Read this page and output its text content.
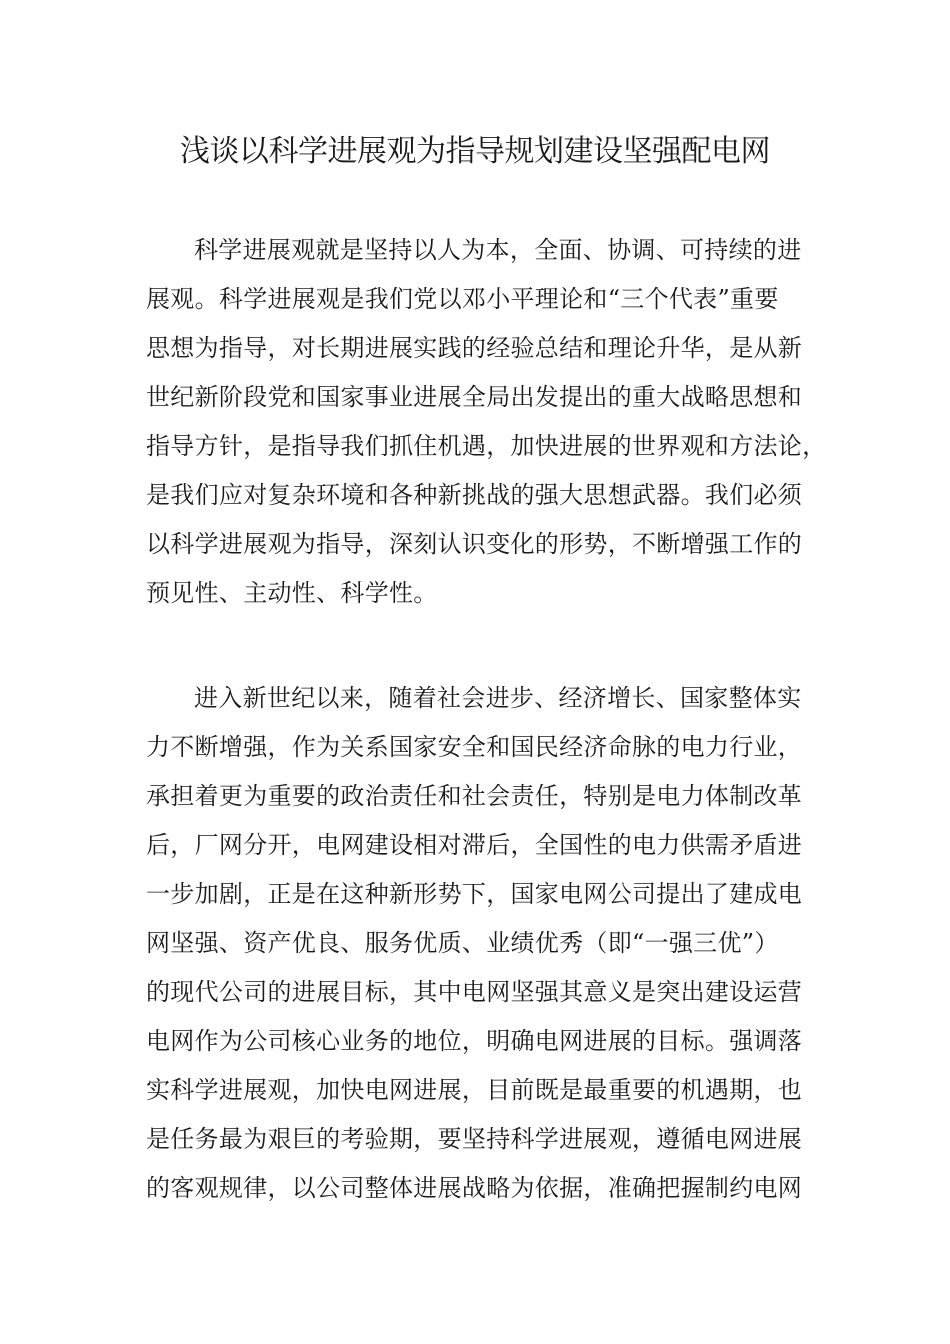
浅谈以科学进展观为指导规划建设坚强配电网
科学进展观就是坚持以人为本，全面、协调、可持续的进
展观。科学进展观是我们党以邓小平理论和“三个代表”重要
思想为指导，对长期进展实践的经验总结和理论升华，是从新
世纪新阶段党和国家事业进展全局出发提出的重大战略思想和
指导方针，是指导我们抓住机遇，加快进展的世界观和方法论，
是我们应对复杂环境和各种新挑战的强大思想武器。我们必须
以科学进展观为指导，深刻认识变化的形势，不断增强工作的
预见性、主动性、科学性。
进入新世纪以来，随着社会进步、经济增长、国家整体实
力不断增强，作为关系国家安全和国民经济命脉的电力行业，
承担着更为重要的政治责任和社会责任，特别是电力体制改革
后，厂网分开，电网建设相对滞后，全国性的电力供需矛盾进
一步加剧，正是在这种新形势下，国家电网公司提出了建成电
网坚强、资产优良、服务优质、业绩优秀（即“一强三优”）
的现代公司的进展目标，其中电网坚强其意义是突出建设运营
电网作为公司核心业务的地位，明确电网进展的目标。强调落
实科学进展观，加快电网进展，目前既是最重要的机遇期，也
是任务最为艰巨的考验期，要坚持科学进展观，遵循电网进展
的客观规律，以公司整体进展战略为依据，准确把握制约电网
